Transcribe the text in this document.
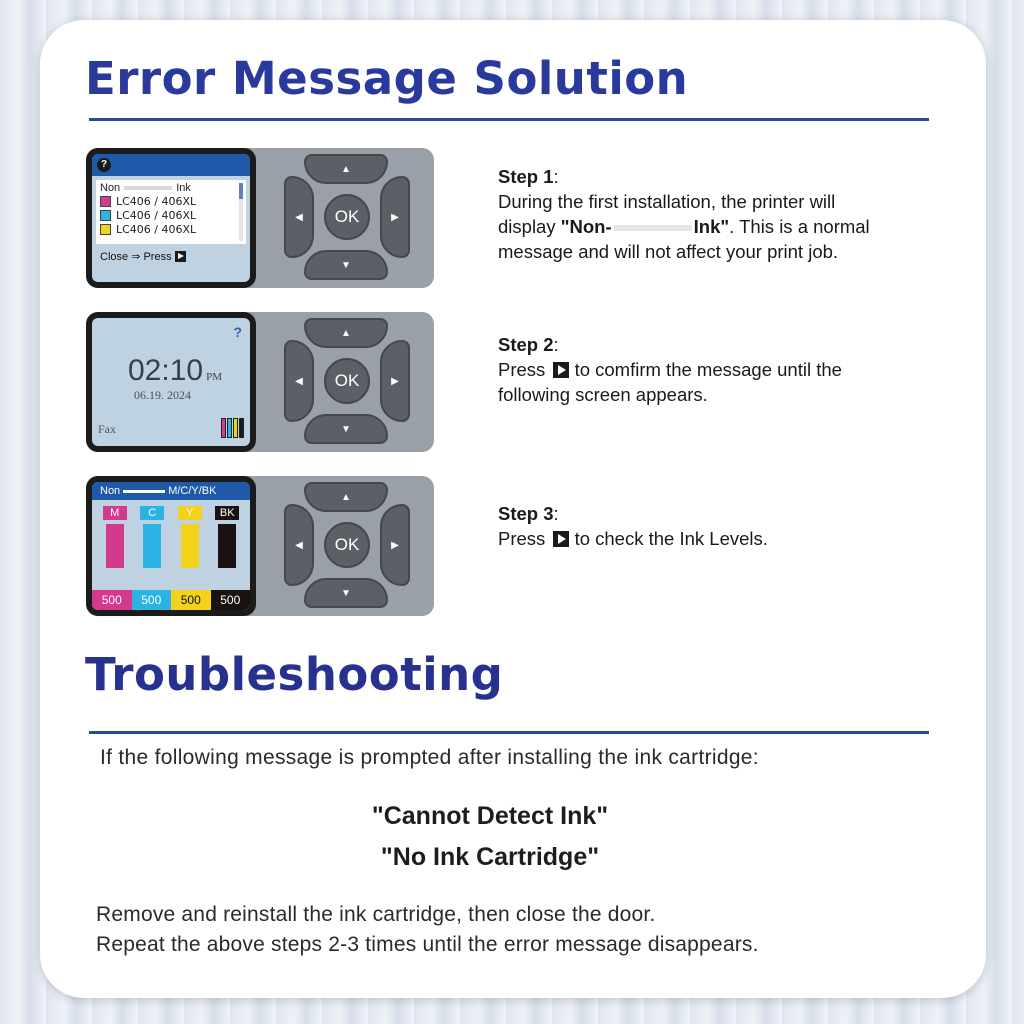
Error Message Solution
?
Non	Ink
LC406 / 406XL
LC406 / 406XL
LC406 / 406XL
Close ⇒ Press
▲
◀	OK	▶
▼
?
02:10 PM
06.19. 2024
Fax
▲
◀	OK	▶
▼
Non	M/C/Y/BK
M	C	Y	BK
500	500	500	500
▲
◀	OK	▶
▼
Step 1:
During the first installation, the printer will
display "Non-	Ink". This is a normal
message and will not affect your print job.
Step 2:
Press to comfirm the message until the
following screen appears.
Step 3:
Press to check the Ink Levels.
Troubleshooting
If the following message is prompted after installing the ink cartridge:
"Cannot Detect Ink"
"No Ink Cartridge"
Remove and reinstall the ink cartridge, then close the door.
Repeat the above steps 2-3 times until the error message disappears.
